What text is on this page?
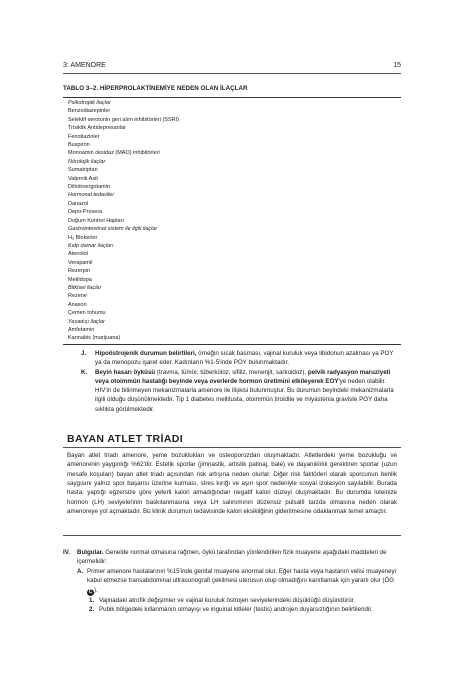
3: AMENORE	15
TABLO 3–2. HİPERPROLAKTİNEMİYE NEDEN OLAN İLAÇLAR
Psikotropik ilaçlar
Benzodiazepinler
Selektif serotonin geri alım inhibitörleri (SSRI)
Trisiklik Antidepresanlar
Fenotiazinler
Buspiron
Monoamin oksidaz (MAO) inhibitörleri
Nörolojik ilaçlar
Sumatriptan
Valproik Asit
Dihidroergotamin
Hormonal tedaviler
Danazol
Depo-Provera
Doğum Kontrol Hapları
Gastrointestinal sistem ile ilgili ilaçlar
H₂ Blokerler
Kalp damar ilaçları
Atenolol
Verapamil
Rezerpin
Metildopa
Bitkisel ilaçlar
Rezene
Anason
Çemen tohumu
Yasadışı ilaçlar
Amfetamin
Kannabis (marijuana)
J. Hipoöstrojenik durumun belirtileri, örneğin sıcak basması, vajinal kuruluk veya libidonun azalması ya POY ya da menopozu işaret eder. Kadınların %1-5'inde POY bulunmaktadır.
K. Beyin hasarı öyküsü (travma, tümör, tüberküloz, sifiliz, menenjit, sarkoidoz), pelvik radyasyon maruziyeti veya otoimmün hastalığı beyinde veya overlerde hormon üretimini etkileyerek EOY'ye neden olabilir. HIV'in de bilinmeyen mekanizmalarla amenore ile ilişkisi bulunmuştur. Bu durumun beyindeki mekanizmalarla ilgili olduğu düşünülmektedir. Tip 1 diabetes mellitusta, otoimmün tiroidite ve miyastenia graviste POY daha sıklıkla görülmektedir.
BAYAN ATLET TRİADI
Bayan atlet triadı amenore, yeme bozuklukları ve osteoporozdan oluşmaktadır. Atletlerdeki yeme bozukluğu ve amenorenin yaygınlığı %62'dir. Estetik sporlar (jimnastik, artistik patinaj, bale) ve dayanıklılık gerektiren sporlar (uzun mesafe koşuları) bayan atlet triadı açısından risk artışına neden olurlar. Diğer risk faktörleri olarak sporcunun benlik saygısını yalnız spor başarısı üzerine kurması, stres kırığı ve aşırı spor nedeniyle sosyal izolasyon sayılabilir. Burada hasta, yaptığı egzersize göre yeterli kalori almadığından negatif kalori düzeyi oluşmaktadır. Bu durumda luteinize hormon (LH) seviyelerinin baskılanmasına veya LH salınımının düzensiz pulsatil tarzda olmasına neden olarak amenoreye yol açmaktadır. Bu klinik durumun tedavisinde kalori eksikliğinin giderilmesine odaklanmak temel amaçtır.
IV. Bulgular. Genelde normal olmasına rağmen, öykü tarafından yönlendirilen fizik muayene aşağıdaki maddeleri de içermelidir:
A. Primer amenore hastalarının %15'inde genital muayene anormal olur. Eğer hasta veya hastanın velisi muayeneyi kabul etmezse transabdominal ultrasonografi çekilmesi uterusun olup olmadığını kanıtlamak için yararlı olur (ÖG C ).
1. Vajinadaki atrofik değişimler ve vajinal kuruluk östrojen seviyelerindeki düşüklüğü düşündürür.
2. Pubik bölgedeki kıllanmanın olmayışı ve inguinal kitleler (testis) androjen duyarsızlığının belirtileridir.
